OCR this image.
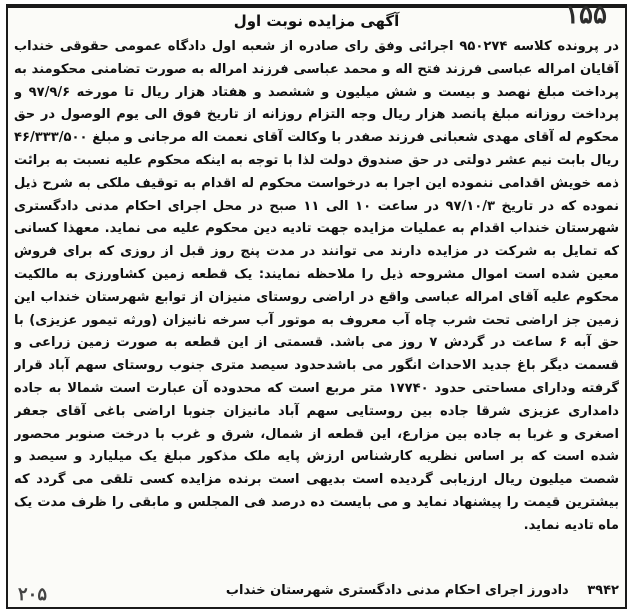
۱۵۵
آگهی مزایده نوبت اول
در پرونده کلاسه ۹۵۰۲۷۴ اجرائی وفق رای صادره از شعبه اول دادگاه عمومی حقوقی خنداب آقایان امراله عباسی فرزند فتح اله و محمد عباسی فرزند امراله به صورت تضامنی محکومند به پرداخت مبلغ نهصد و بیست و شش میلیون و ششصد و هفتاد هزار ریال تا مورخه ۹۷/۹/۶ و پرداخت روزانه مبلغ پانصد هزار ریال وجه التزام روزانه از تاریخ فوق الی یوم الوصول در حق محکوم له آقای مهدی شعبانی فرزند صفدر با وکالت آقای نعمت اله مرجانی و مبلغ ۴۶/۳۳۳/۵۰۰ ریال بابت نیم عشر دولتی در حق صندوق دولت لذا با توجه به اینکه محکوم علیه نسبت به برائت ذمه خویش اقدامی ننموده این اجرا به درخواست محکوم له اقدام به توقیف ملکی به شرح ذیل نموده که در تاریخ ۹۷/۱۰/۳ در ساعت ۱۰ الی ۱۱ صبح در محل اجرای احکام مدنی دادگستری شهرستان خنداب اقدام به عملیات مزایده جهت تادیه دین محکوم علیه می نماید. معهذا کسانی که تمایل به شرکت در مزایده دارند می توانند در مدت پنج روز قبل از روزی که برای فروش معین شده است اموال مشروحه ذیل را ملاحظه نمایند: یک قطعه زمین کشاورزی به مالکیت محکوم علیه آقای امراله عباسی واقع در اراضی روستای منیزان از توابع شهرستان خنداب این زمین جز اراضی تحت شرب چاه آب معروف به موتور آب سرخه نانیزان (ورثه تیمور عزیزی) با حق آبه ۶ ساعت در گردش ۷ روز می باشد. قسمتی از این قطعه به صورت زمین زراعی و قسمت دیگر باغ جدید الاحداث انگور می باشدحدود سیصد متری جنوب روستای سهم آباد قرار گرفته ودارای مساحتی حدود ۱۷۷۴۰ متر مربع است که محدوده آن عبارت است شمالا به جاده دامداری عزیزی شرقا جاده بین روستایی سهم آباد مانیزان جنوبا اراضی باغی آقای جعفر اصغری و غربا به جاده بین مزارع، این قطعه از شمال، شرق و غرب با درخت صنوبر محصور شده است که بر اساس نظریه کارشناس ارزش پایه ملک مذکور مبلغ یک میلیارد و سیصد و شصت میلیون ریال ارزیابی گردیده است بدیهی است برنده مزایده کسی تلقی می گردد که بیشترین قیمت را پیشنهاد نماید و می بایست ده درصد فی المجلس و مابقی را ظرف مدت یک ماه تادیه نماید.
۳۹۴۲ دادورز اجرای احکام مدنی دادگستری شهرستان خنداب
۲۰۵
